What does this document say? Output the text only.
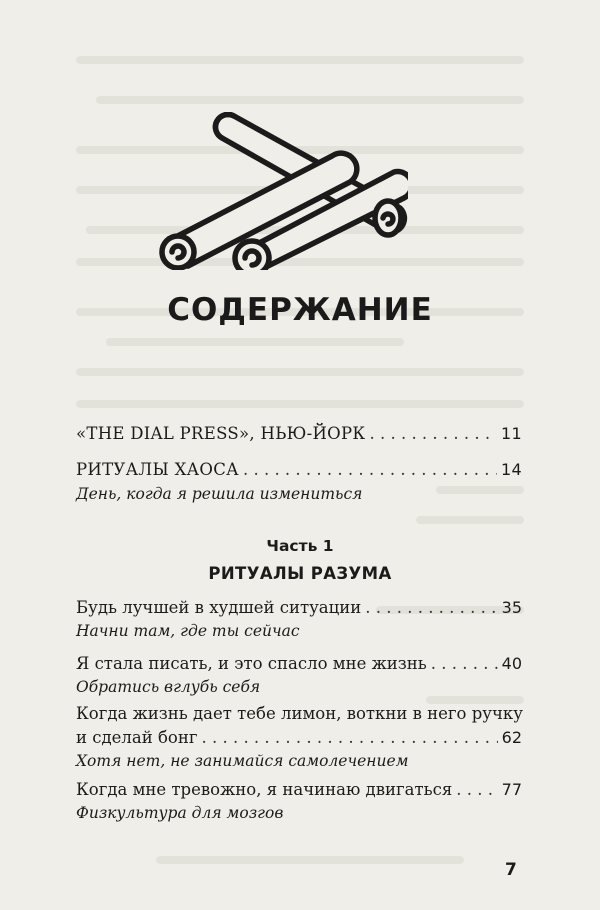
СОДЕРЖАНИЕ
«THE DIAL PRESS», НЬЮ-ЙОРК . . .	11
РИТУАЛЫ ХАОСА . . .	14
День, когда я решила измениться
Часть 1
РИТУАЛЫ РАЗУМА
Будь лучшей в худшей ситуации . . .	35
Начни там, где ты сейчас
Я стала писать, и это спасло мне жизнь . . .	40
Обратись вглубь себя
Когда жизнь дает тебе лимон, воткни в него ручку
и сделай бонг . . .	62
Хотя нет, не занимайся самолечением
Когда мне тревожно, я начинаю двигаться . . .	77
Физкультура для мозгов
7
